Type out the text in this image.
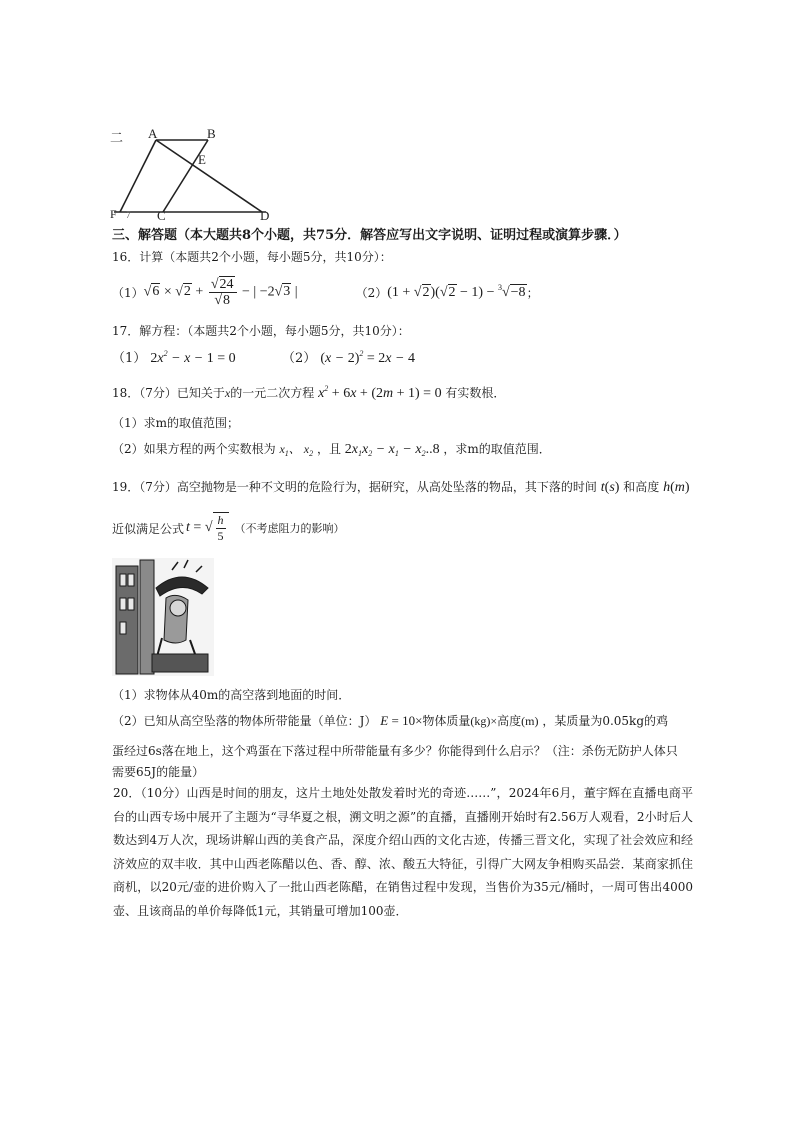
二 A	B
E
F 7 C	D
三、解答题（本大题共8个小题，共75分．解答应写出文字说明、证明过程或演算步骤．）
16．计算（本题共2个小题，每小题5分，共10分）：
（1） $√6 \times √2 + \frac{√24}{√8}$ − | −2√3 |	（2） (1 + √2)(√2 − 1) − $^3$√−8 ；
17．解方程：（本题共2个小题，每小题5分，共10分）：
（1） $2x^2 - x - 1 = 0$	（2） $(x - 2)^2 = 2x - 4$
18．（7分）已知关于x的一元二次方程 $x^2 + 6x + (2m + 1) = 0$ 有实数根．
（1）求m的取值范围；
（2）如果方程的两个实数根为 $x_1$、 $x_2$ ，且 $2x_1x_2 - x_1 - x_2..8$ ，求m的取值范围．
19．（7分）高空抛物是一种不文明的危险行为，据研究，从高处坠落的物品，其下落的时间 t(s) 和高度 h(m)
近似满足公式 t = √ $\frac{h}{5}$ （不考虑阻力的影响）
（1）求物体从40m的高空落到地面的时间．
（2）已知从高空坠落的物体所带能量（单位：J） E = 10×物体质量(kg)×高度(m) ，某质量为0.05kg的鸡
蛋经过6s落在地上，这个鸡蛋在下落过程中所带能量有多少？你能得到什么启示？（注：杀伤无防护人体只
需要65J的能量）
20．（10分）山西是时间的朋友，这片土地处处散发着时光的奇迹……”，2024年6月，董宇辉在直播电商平台的山西专场中展开了主题为“寻华夏之根，溯文明之源”的直播，直播刚开始时有2.56万人观看，2小时后人数达到4万人次，现场讲解山西的美食产品，深度介绍山西的文化古迹，传播三晋文化，实现了社会效应和经济效应的双丰收．其中山西老陈醋以色、香、醇、浓、酸五大特征，引得广大网友争相购买品尝．某商家抓住商机，以20元/壶的进价购入了一批山西老陈醋，在销售过程中发现，当售价为35元/桶时，一周可售出4000壶、且该商品的单价每降低1元，其销量可增加100壶．
